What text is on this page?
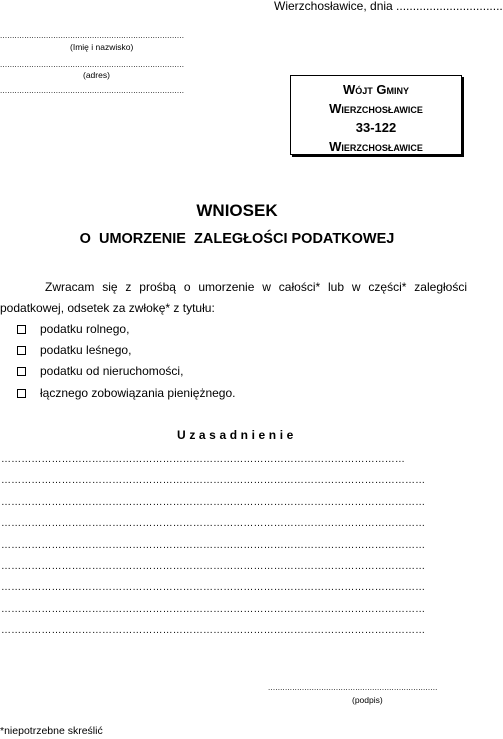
Wierzchosławice, dnia ................................
............................................................................
(Imię i nazwisko)
............................................................................
(adres)
............................................................................	Wójt Gminy
Wierzchosławice
33-122
Wierzchosławice
WNIOSEK
O  UMORZENIE  ZALEGŁOŚCI PODATKOWEJ
Zwracam się z prośbą o umorzenie w całości* lub w części* zaległości
podatkowej, odsetek za zwłokę* z tytułu:
podatku rolnego,
podatku leśnego,
podatku od nieruchomości,
łącznego zobowiązania pieniężnego.
Uzasadnienie
…………………………………………………………………………………………………………
………………………………………………………………………………………………………………
………………………………………………………………………………………………………………
………………………………………………………………………………………………………………
………………………………………………………………………………………………………………
………………………………………………………………………………………………………………
………………………………………………………………………………………………………………
………………………………………………………………………………………………………………
………………………………………………………………………………………………………………
......................................................................
(podpis)
*niepotrzebne skreślić
